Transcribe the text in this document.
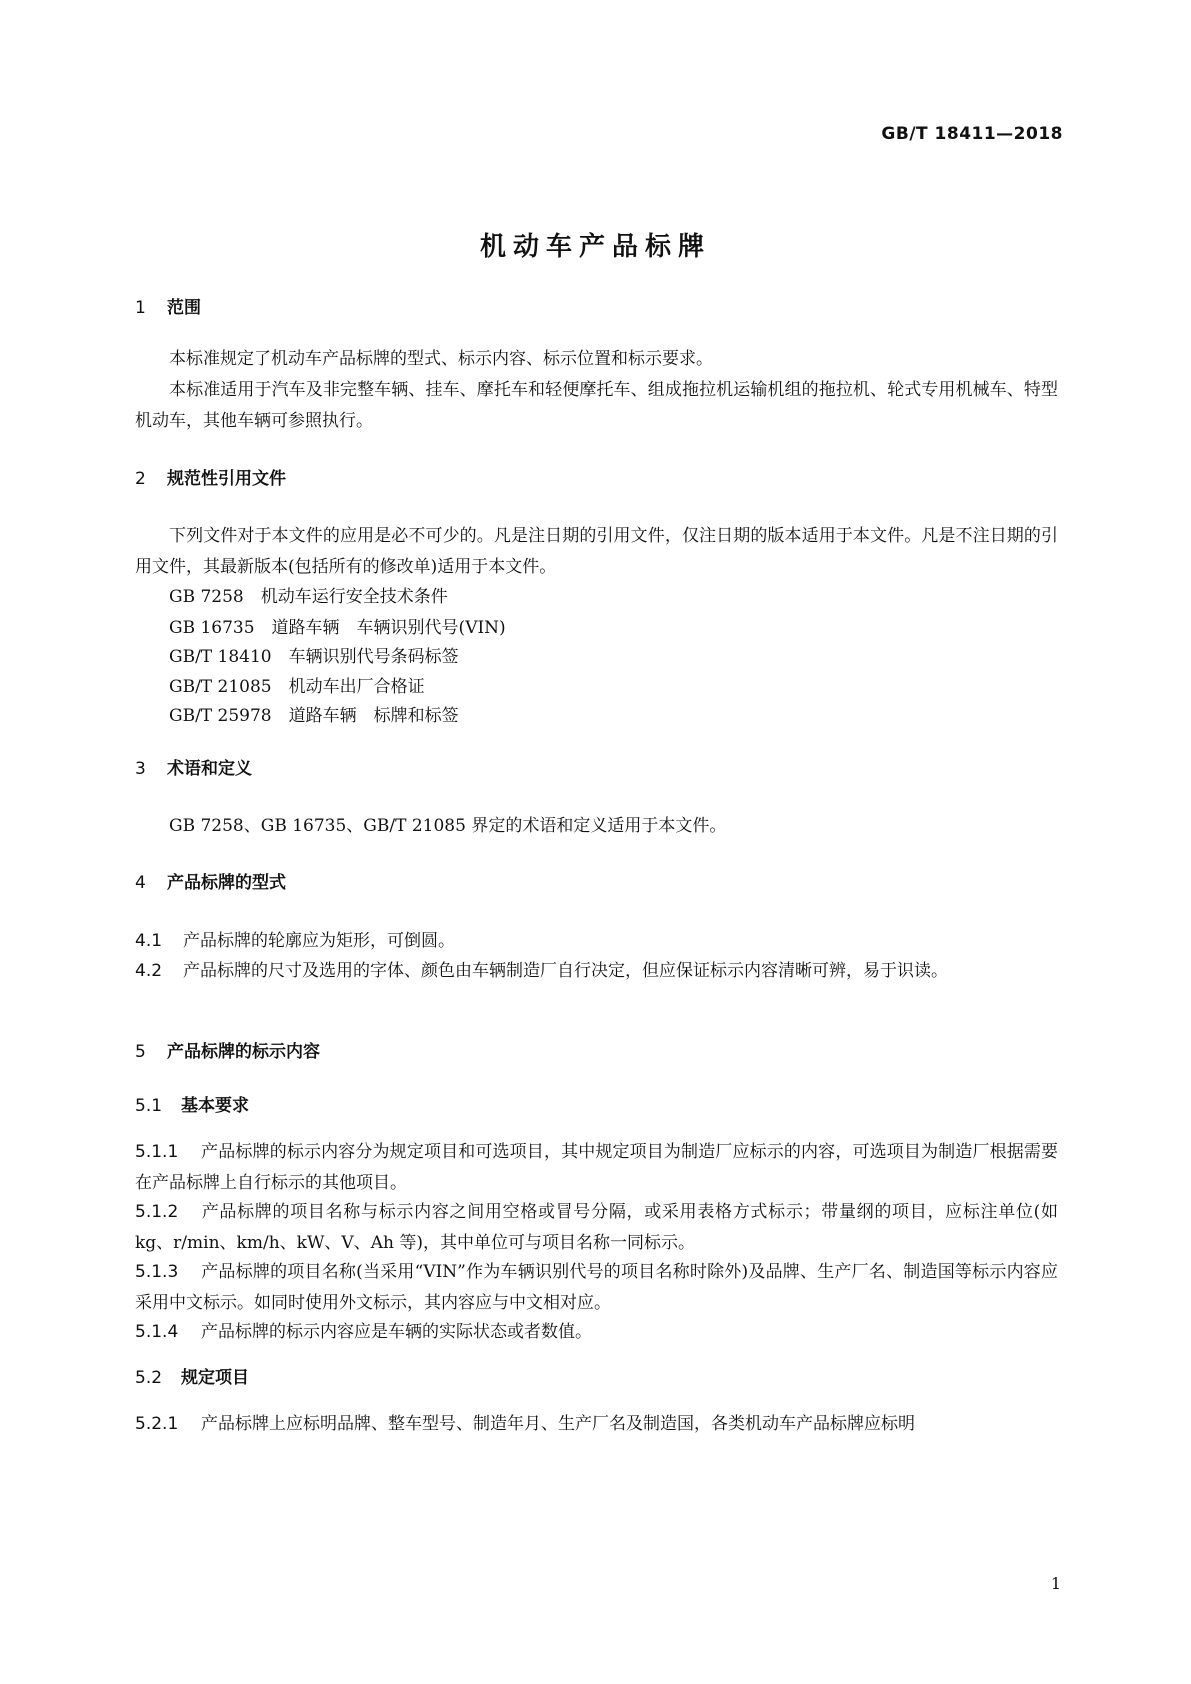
GB/T 18411—2018
机动车产品标牌
1 范围
本标准规定了机动车产品标牌的型式、标示内容、标示位置和标示要求。
本标准适用于汽车及非完整车辆、挂车、摩托车和轻便摩托车、组成拖拉机运输机组的拖拉机、轮式专用机械车、特型机动车，其他车辆可参照执行。
2 规范性引用文件
下列文件对于本文件的应用是必不可少的。凡是注日期的引用文件，仅注日期的版本适用于本文件。凡是不注日期的引用文件，其最新版本(包括所有的修改单)适用于本文件。
GB 7258　机动车运行安全技术条件
GB 16735　道路车辆　车辆识别代号(VIN)
GB/T 18410　车辆识别代号条码标签
GB/T 21085　机动车出厂合格证
GB/T 25978　道路车辆　标牌和标签
3 术语和定义
GB 7258、GB 16735、GB/T 21085 界定的术语和定义适用于本文件。
4 产品标牌的型式
4.1 产品标牌的轮廓应为矩形，可倒圆。
4.2 产品标牌的尺寸及选用的字体、颜色由车辆制造厂自行决定，但应保证标示内容清晰可辨，易于识读。
5 产品标牌的标示内容
5.1 基本要求
5.1.1 产品标牌的标示内容分为规定项目和可选项目，其中规定项目为制造厂应标示的内容，可选项目为制造厂根据需要在产品标牌上自行标示的其他项目。
5.1.2 产品标牌的项目名称与标示内容之间用空格或冒号分隔，或采用表格方式标示；带量纲的项目，应标注单位(如 kg、r/min、km/h、kW、V、Ah 等)，其中单位可与项目名称一同标示。
5.1.3 产品标牌的项目名称(当采用“VIN”作为车辆识别代号的项目名称时除外)及品牌、生产厂名、制造国等标示内容应采用中文标示。如同时使用外文标示，其内容应与中文相对应。
5.1.4 产品标牌的标示内容应是车辆的实际状态或者数值。
5.2 规定项目
5.2.1 产品标牌上应标明品牌、整车型号、制造年月、生产厂名及制造国，各类机动车产品标牌应标明
1
